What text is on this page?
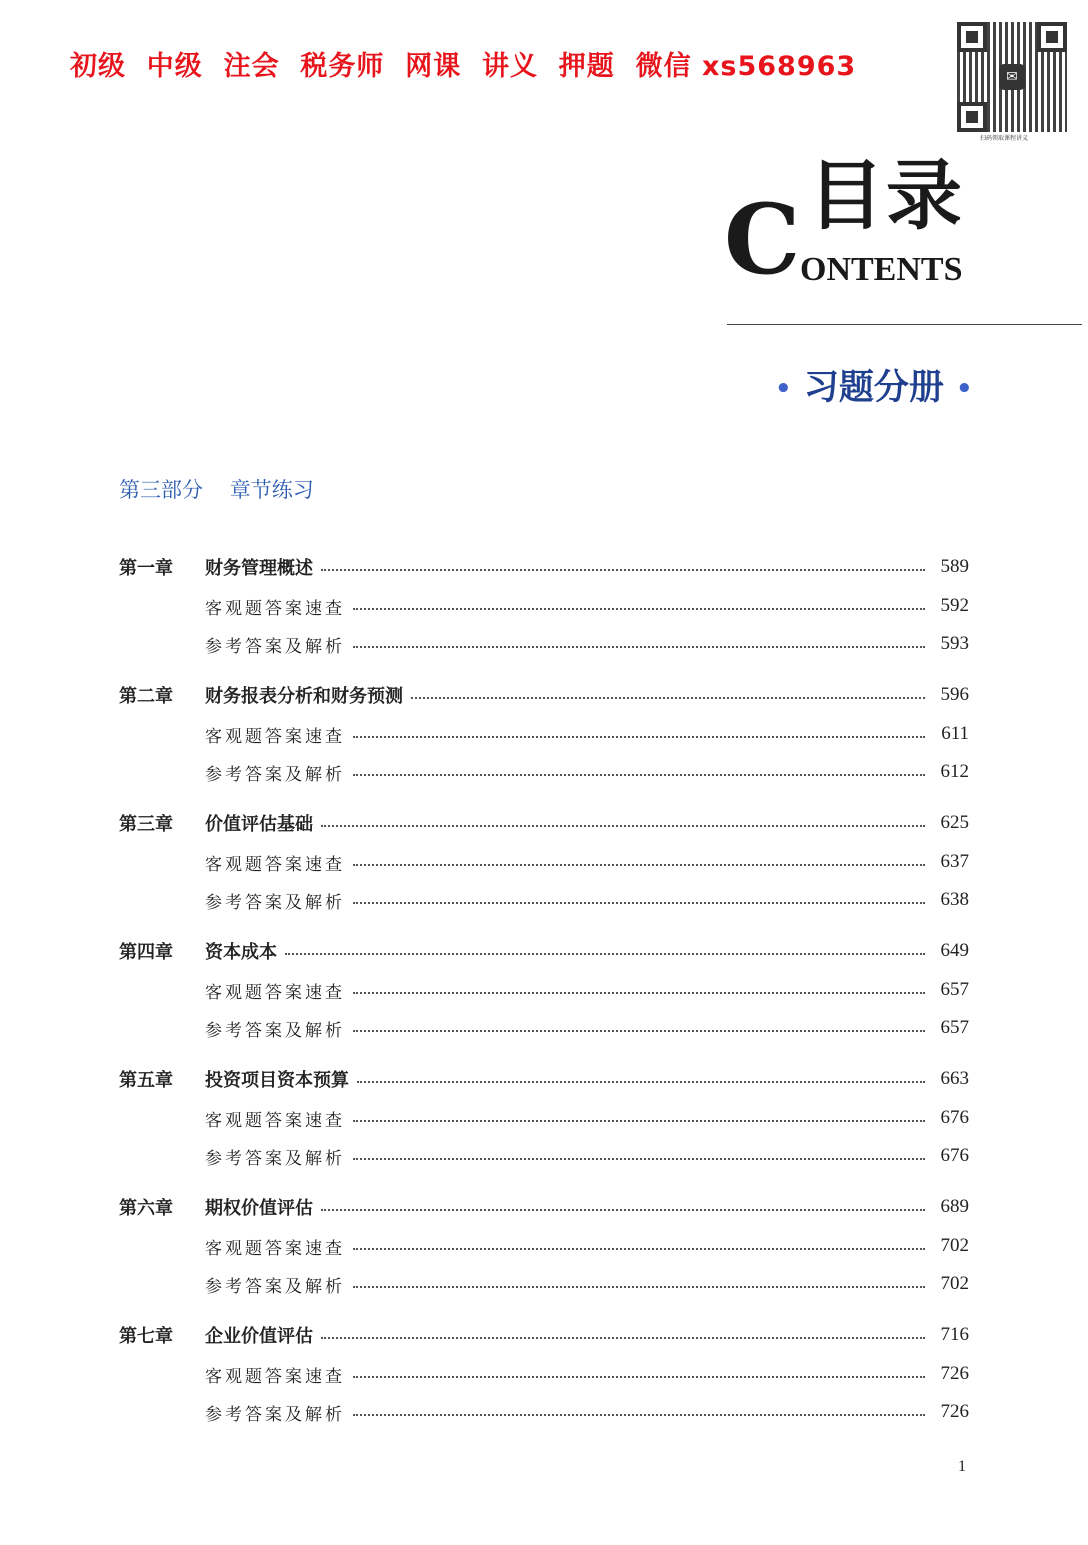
初级  中级  注会  税务师  网课  讲义  押题  微信 xs568963	✉
扫码领取课程讲义
C 目录
ONTENTS
• 习题分册 •
第三部分    章节练习
第一章	财务管理概述	589
客观题答案速查	592
参考答案及解析	593
第二章	财务报表分析和财务预测	596
客观题答案速查	611
参考答案及解析	612
第三章	价值评估基础	625
客观题答案速查	637
参考答案及解析	638
第四章	资本成本	649
客观题答案速查	657
参考答案及解析	657
第五章	投资项目资本预算	663
客观题答案速查	676
参考答案及解析	676
第六章	期权价值评估	689
客观题答案速查	702
参考答案及解析	702
第七章	企业价值评估	716
客观题答案速查	726
参考答案及解析	726
1
